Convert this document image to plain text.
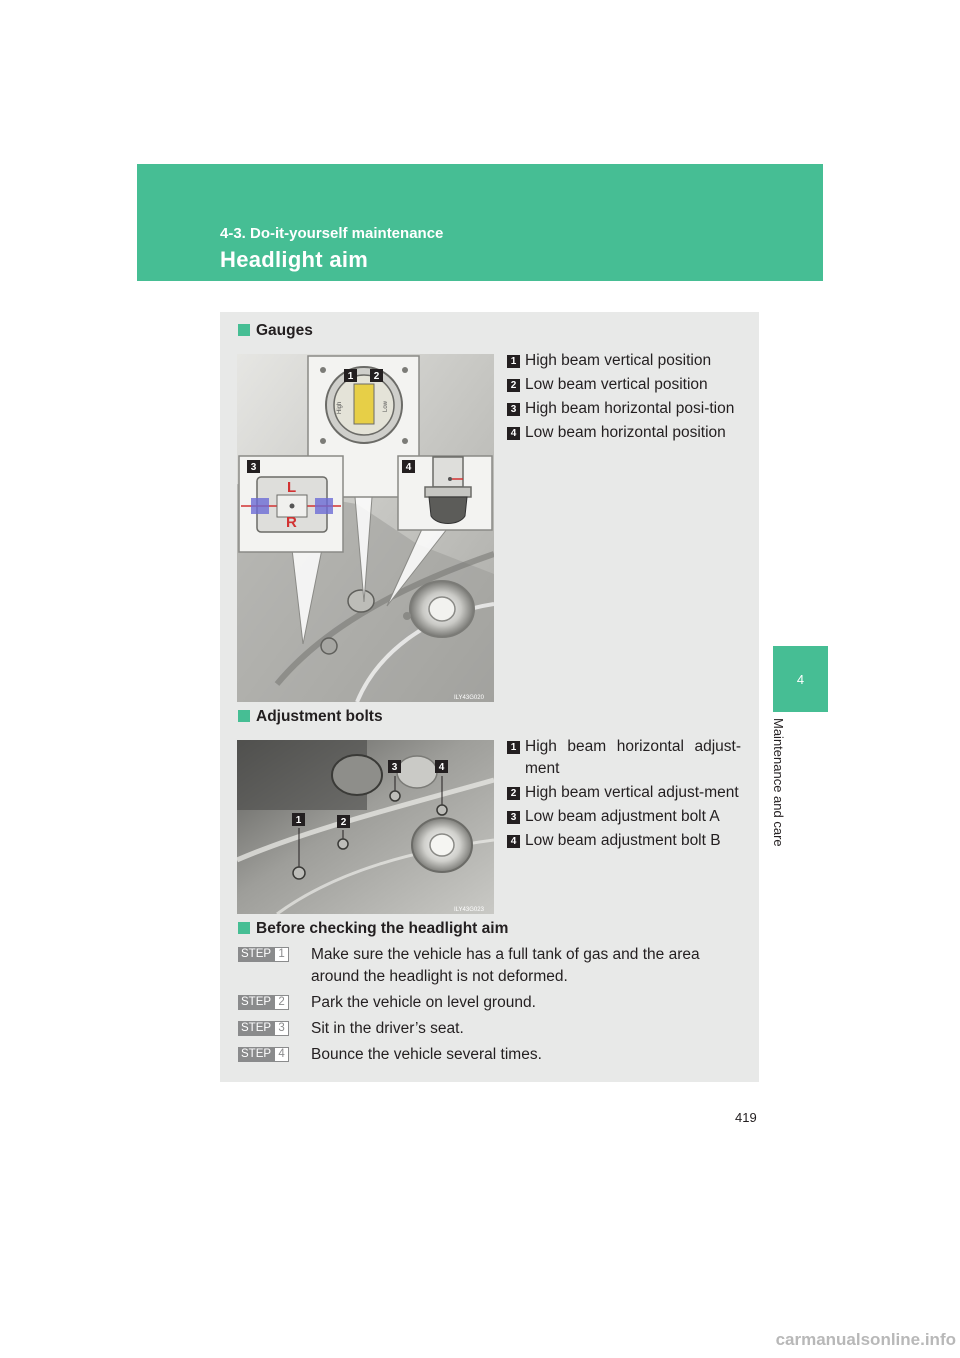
4-3. Do-it-yourself maintenance
Headlight aim
4
Maintenance and care
Gauges
High	Low
L
R
1 2
3	4
ILY43G020
1 High beam vertical position
2 Low beam vertical position
3 High beam horizontal posi-tion
4 Low beam horizontal position
Adjustment bolts
1	2
3	4
ILY43G023
1 High beam horizontal adjust-ment
2 High beam vertical adjust-ment
3 Low beam adjustment bolt A
4 Low beam adjustment bolt B
Before checking the headlight aim
STEP 1 Make sure the vehicle has a full tank of gas and the area around the headlight is not deformed.
STEP 2 Park the vehicle on level ground.
STEP 3 Sit in the driver’s seat.
STEP 4 Bounce the vehicle several times.
419
carmanualsonline.info
